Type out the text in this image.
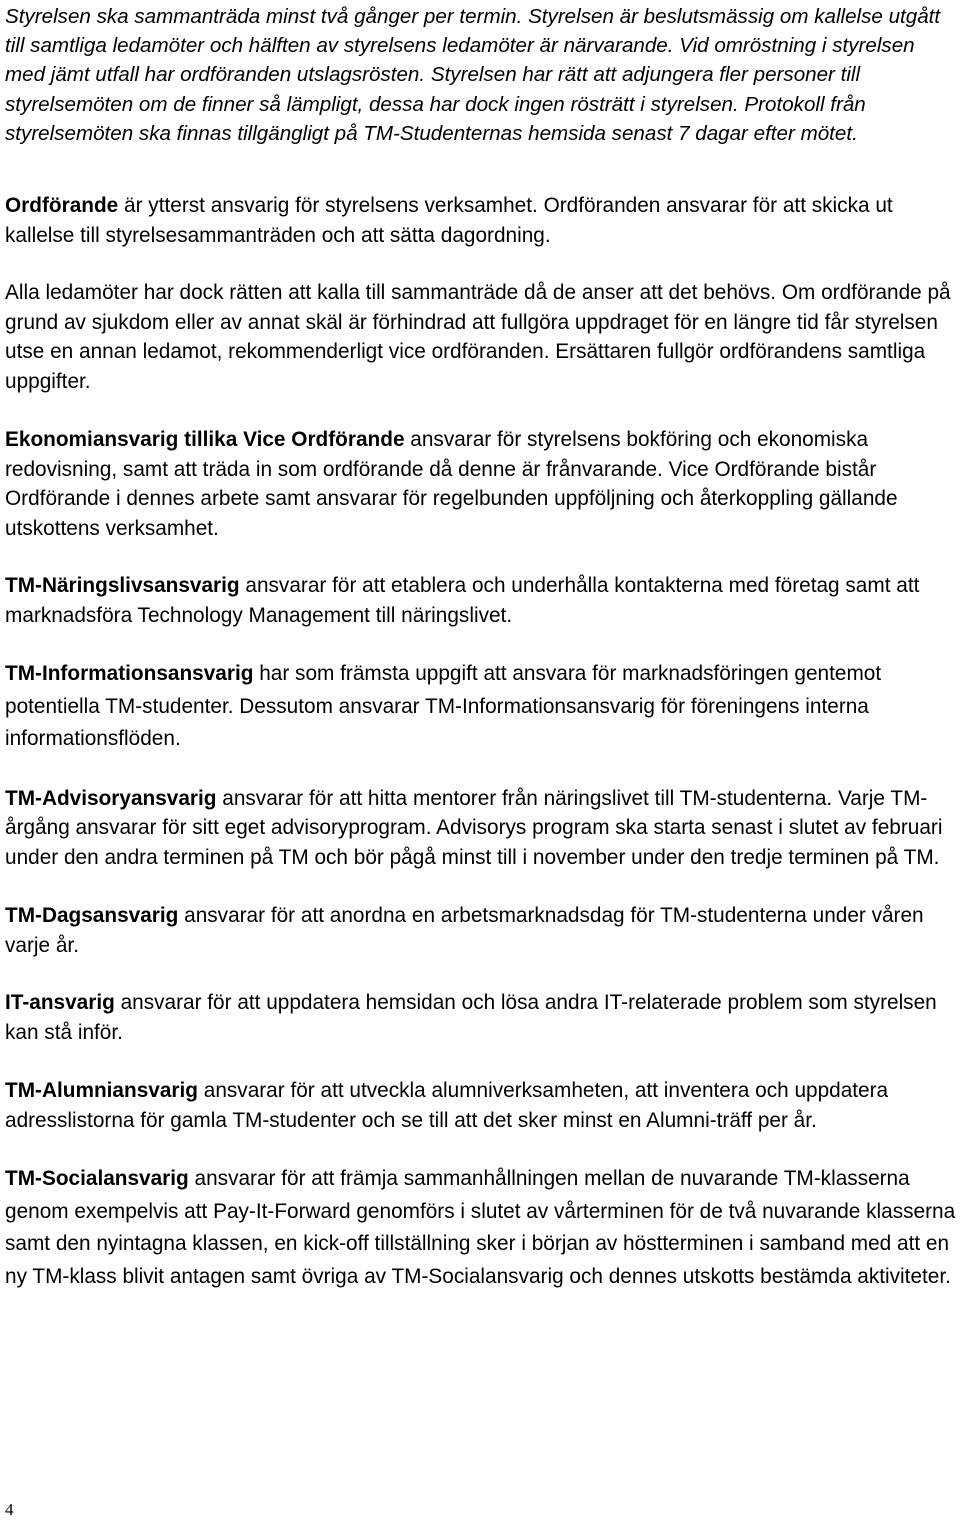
Styrelsen ska sammanträda minst två gånger per termin. Styrelsen är beslutsmässig om kallelse utgått till samtliga ledamöter och hälften av styrelsens ledamöter är närvarande. Vid omröstning i styrelsen med jämt utfall har ordföranden utslagsrösten. Styrelsen har rätt att adjungera fler personer till styrelsemöten om de finner så lämpligt, dessa har dock ingen rösträtt i styrelsen. Protokoll från styrelsemöten ska finnas tillgängligt på TM-Studenternas hemsida senast 7 dagar efter mötet.

Ordförande är ytterst ansvarig för styrelsens verksamhet. Ordföranden ansvarar för att skicka ut kallelse till styrelsesammanträden och att sätta dagordning.

Alla ledamöter har dock rätten att kalla till sammanträde då de anser att det behövs. Om ordförande på grund av sjukdom eller av annat skäl är förhindrad att fullgöra uppdraget för en längre tid får styrelsen utse en annan ledamot, rekommenderligt vice ordföranden. Ersättaren fullgör ordförandens samtliga uppgifter.

Ekonomiansvarig tillika Vice Ordförande ansvarar för styrelsens bokföring och ekonomiska redovisning, samt att träda in som ordförande då denne är frånvarande. Vice Ordförande bistår Ordförande i dennes arbete samt ansvarar för regelbunden uppföljning och återkoppling gällande utskottens verksamhet.

TM-Näringslivsansvarig ansvarar för att etablera och underhålla kontakterna med företag samt att marknadsföra Technology Management till näringslivet.

TM-Informationsansvarig har som främsta uppgift att ansvara för marknadsföringen gentemot potentiella TM-studenter. Dessutom ansvarar TM-Informationsansvarig för föreningens interna informationsflöden.

TM-Advisoryansvarig ansvarar för att hitta mentorer från näringslivet till TM-studenterna. Varje TM-årgång ansvarar för sitt eget advisoryprogram. Advisorys program ska starta senast i slutet av februari under den andra terminen på TM och bör pågå minst till i november under den tredje terminen på TM.

TM-Dagsansvarig ansvarar för att anordna en arbetsmarknadsdag för TM-studenterna under våren varje år.

IT-ansvarig ansvarar för att uppdatera hemsidan och lösa andra IT-relaterade problem som styrelsen kan stå inför.

TM-Alumniansvarig ansvarar för att utveckla alumniverksamheten, att inventera och uppdatera adresslistorna för gamla TM-studenter och se till att det sker minst en Alumni-träff per år.

TM-Socialansvarig ansvarar för att främja sammanhållningen mellan de nuvarande TM-klasserna genom exempelvis att Pay-It-Forward genomförs i slutet av vårterminen för de två nuvarande klasserna samt den nyintagna klassen, en kick-off tillställning sker i början av höstterminen i samband med att en ny TM-klass blivit antagen samt övriga av TM-Socialansvarig och dennes utskotts bestämda aktiviteter.

4
